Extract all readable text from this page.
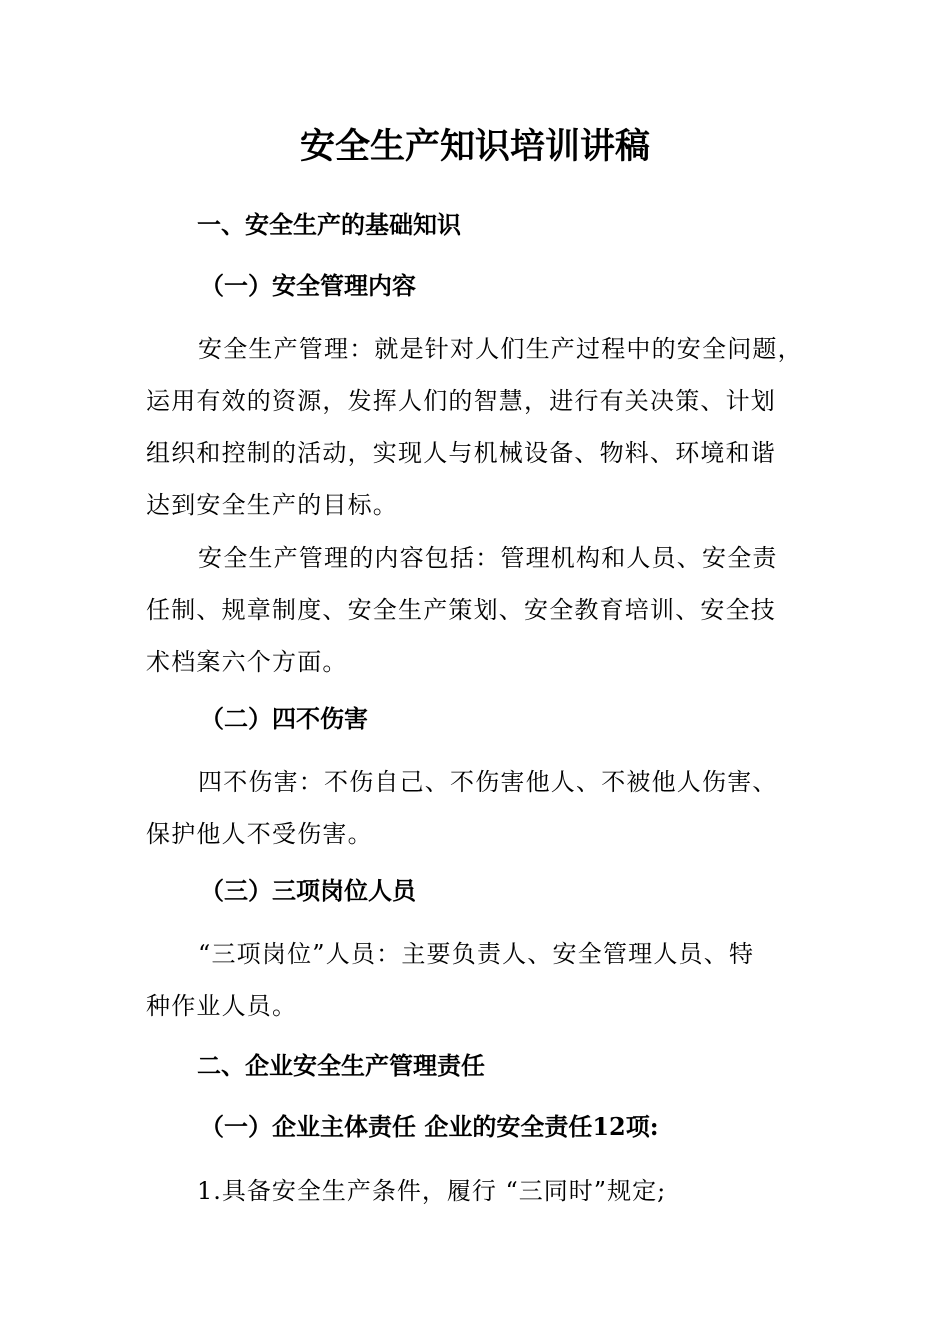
安全生产知识培训讲稿
一、安全生产的基础知识
（一）安全管理内容
安全生产管理：就是针对人们生产过程中的安全问题，
运用有效的资源，发挥人们的智慧，进行有关决策、计划
组织和控制的活动，实现人与机械设备、物料、环境和谐
达到安全生产的目标。
安全生产管理的内容包括：管理机构和人员、安全责
任制、规章制度、安全生产策划、安全教育培训、安全技
术档案六个方面。
（二）四不伤害
四不伤害：不伤自己、不伤害他人、不被他人伤害、
保护他人不受伤害。
（三）三项岗位人员
“三项岗位”人员：主要负责人、安全管理人员、特
种作业人员。
二、企业安全生产管理责任
（一）企业主体责任 企业的安全责任12项:
1.具备安全生产条件，履行 “三同时”规定;
